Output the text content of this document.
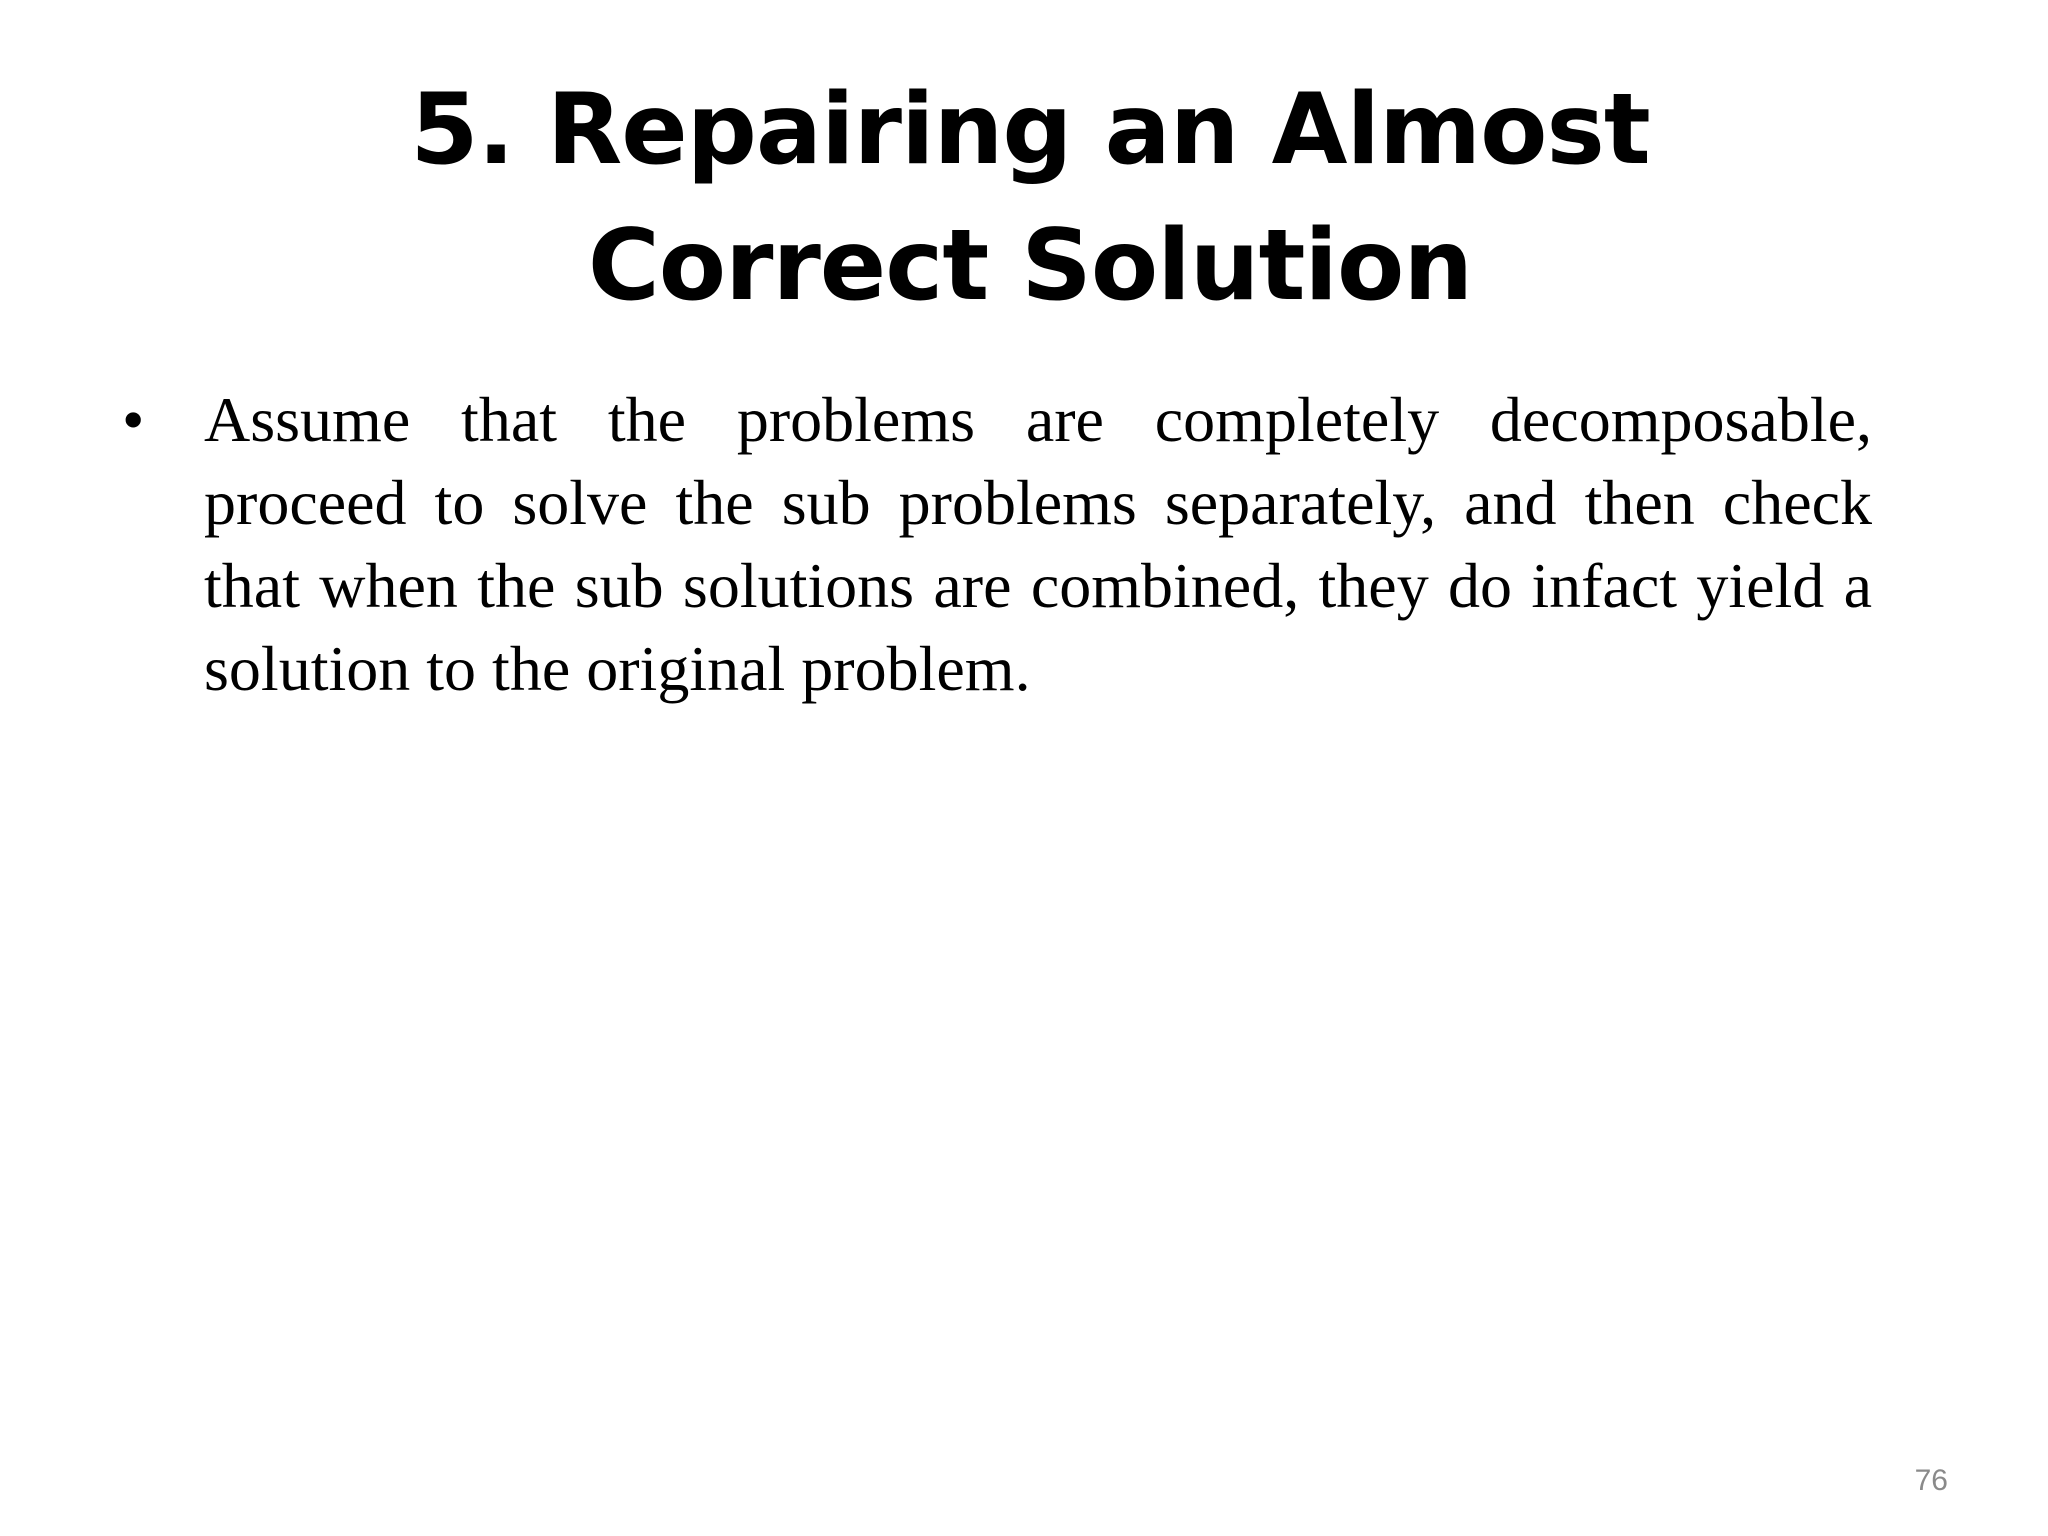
5. Repairing an Almost Correct Solution
• Assume that the problems are completely decomposable, proceed to solve the sub problems separately, and then check that when the sub solutions are combined, they do infact yield a solution to the original problem.
76
